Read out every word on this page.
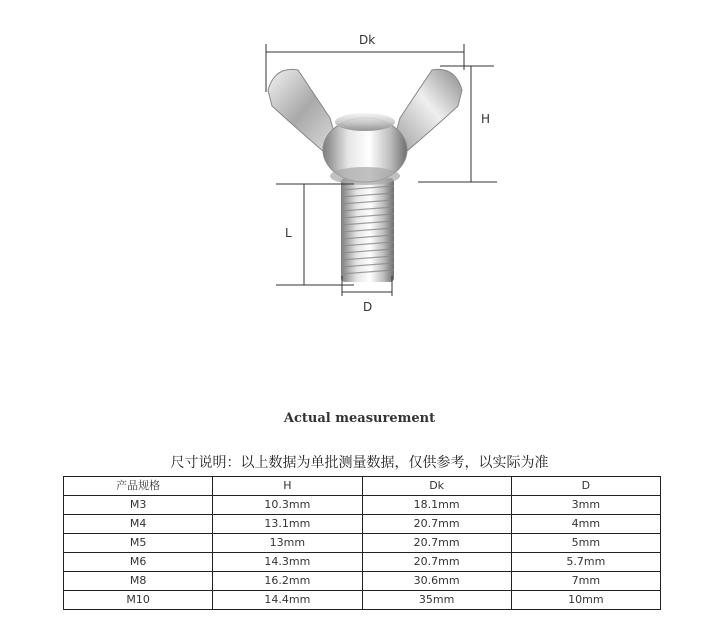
Dk
H
L
D
Actual measurement
尺寸说明：以上数据为单批测量数据，仅供参考，以实际为准
产品规格	H	Dk	D
M3	10.3mm	18.1mm	3mm
M4	13.1mm	20.7mm	4mm
M5	13mm	20.7mm	5mm
M6	14.3mm	20.7mm	5.7mm
M8	16.2mm	30.6mm	7mm
M10	14.4mm	35mm	10mm
